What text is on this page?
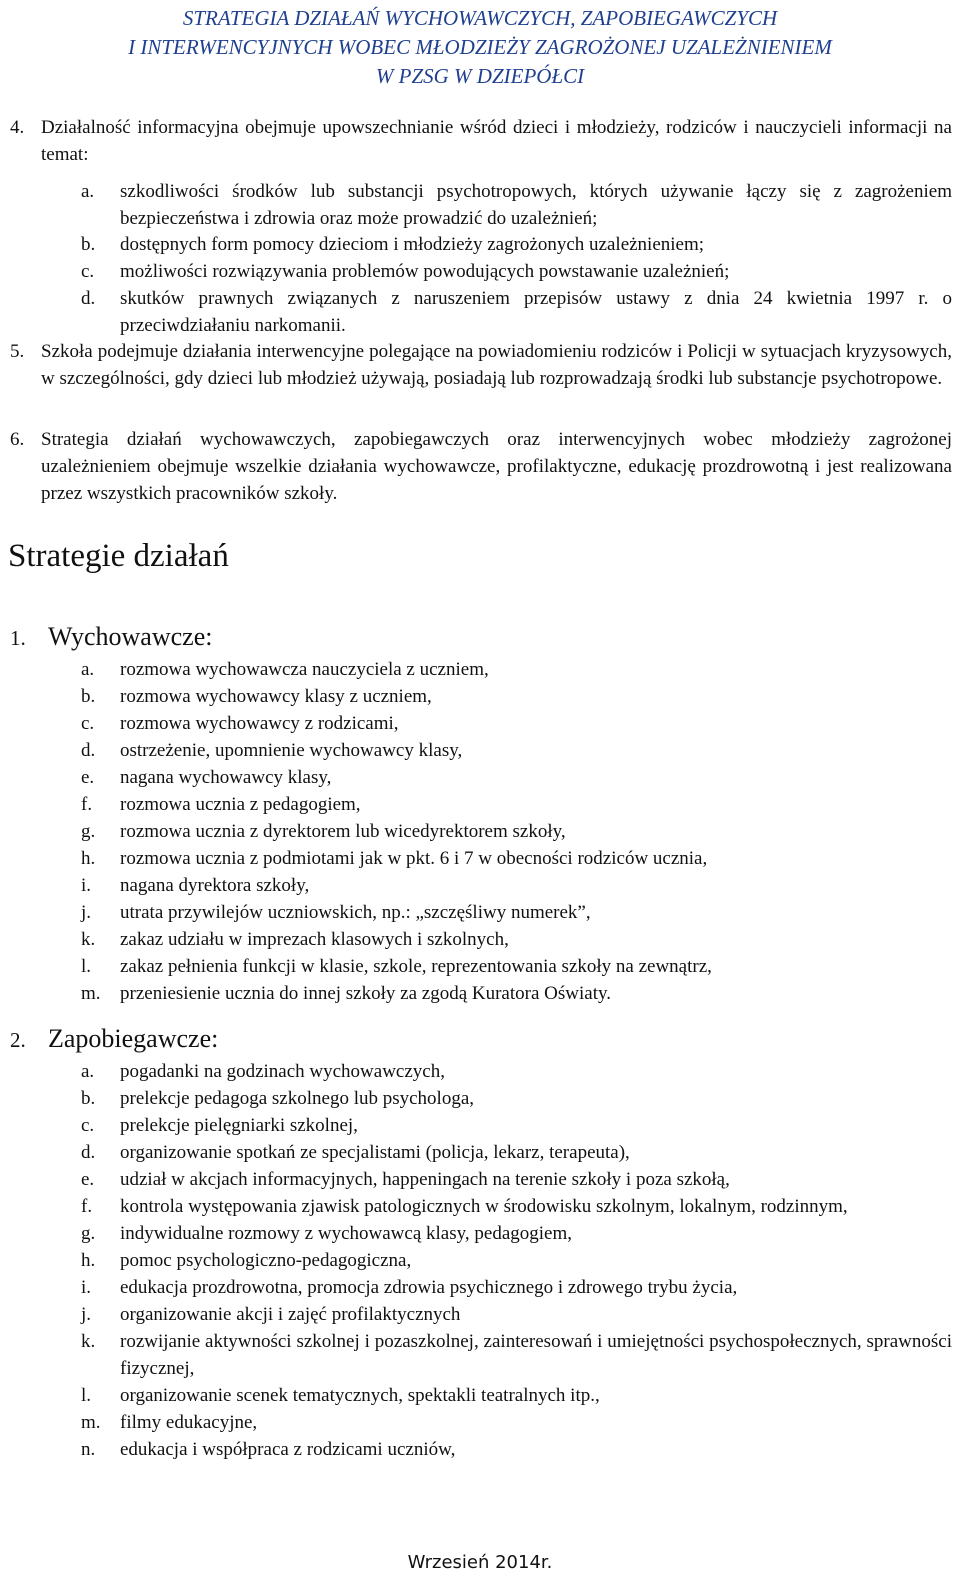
STRATEGIA DZIAŁAŃ WYCHOWAWCZYCH, ZAPOBIEGAWCZYCH
I INTERWENCYJNYCH WOBEC MŁODZIEŻY ZAGROŻONEJ UZALEŻNIENIEM
W PZSG W DZIEPÓŁCI
4. Działalność informacyjna obejmuje upowszechnianie wśród dzieci i młodzieży, rodziców i nauczycieli informacji na temat:
a. szkodliwości środków lub substancji psychotropowych, których używanie łączy się z zagrożeniem bezpieczeństwa i zdrowia oraz może prowadzić do uzależnień;
b. dostępnych form pomocy dzieciom i młodzieży zagrożonych uzależnieniem;
c. możliwości rozwiązywania problemów powodujących powstawanie uzależnień;
d. skutków prawnych związanych z naruszeniem przepisów ustawy z dnia 24 kwietnia 1997 r. o przeciwdziałaniu narkomanii.
5. Szkoła podejmuje działania interwencyjne polegające na powiadomieniu rodziców i Policji w sytuacjach kryzysowych, w szczególności, gdy dzieci lub młodzież używają, posiadają lub rozprowadzają środki lub substancje psychotropowe.
6. Strategia działań wychowawczych, zapobiegawczych oraz interwencyjnych wobec młodzieży zagrożonej uzależnieniem obejmuje wszelkie działania wychowawcze, profilaktyczne, edukację prozdrowotną i jest realizowana przez wszystkich pracowników szkoły.
Strategie działań
1. Wychowawcze:
a.	rozmowa wychowawcza nauczyciela z uczniem,
b.	rozmowa wychowawcy klasy z uczniem,
c.	rozmowa wychowawcy z rodzicami,
d.	ostrzeżenie, upomnienie wychowawcy klasy,
e.	nagana wychowawcy klasy,
f.	rozmowa ucznia z pedagogiem,
g.	rozmowa ucznia z dyrektorem lub wicedyrektorem szkoły,
h.	rozmowa ucznia z podmiotami jak w pkt. 6 i 7 w obecności rodziców ucznia,
i.	nagana dyrektora szkoły,
j.	utrata przywilejów uczniowskich, np.: „szczęśliwy numerek”,
k.	zakaz udziału w imprezach klasowych i szkolnych,
l.	zakaz pełnienia funkcji w klasie, szkole, reprezentowania szkoły na zewnątrz,
m.	przeniesienie ucznia do innej szkoły za zgodą Kuratora Oświaty.
2. Zapobiegawcze:
a.	pogadanki na godzinach wychowawczych,
b.	prelekcje pedagoga szkolnego lub psychologa,
c.	prelekcje pielęgniarki szkolnej,
d.	organizowanie spotkań ze specjalistami (policja, lekarz, terapeuta),
e.	udział w akcjach informacyjnych, happeningach na terenie szkoły i poza szkołą,
f.	kontrola występowania zjawisk patologicznych w środowisku szkolnym, lokalnym, rodzinnym,
g.	indywidualne rozmowy z wychowawcą klasy, pedagogiem,
h.	pomoc psychologiczno-pedagogiczna,
i.	edukacja prozdrowotna, promocja zdrowia psychicznego i zdrowego trybu życia,
j.	organizowanie akcji i zajęć profilaktycznych
k.	rozwijanie aktywności szkolnej i pozaszkolnej, zainteresowań i umiejętności psychospołecznych, sprawności fizycznej,
l.	organizowanie scenek tematycznych, spektakli teatralnych itp.,
m.	filmy edukacyjne,
n.	edukacja i współpraca z rodzicami uczniów,
Wrzesień 2014r.
